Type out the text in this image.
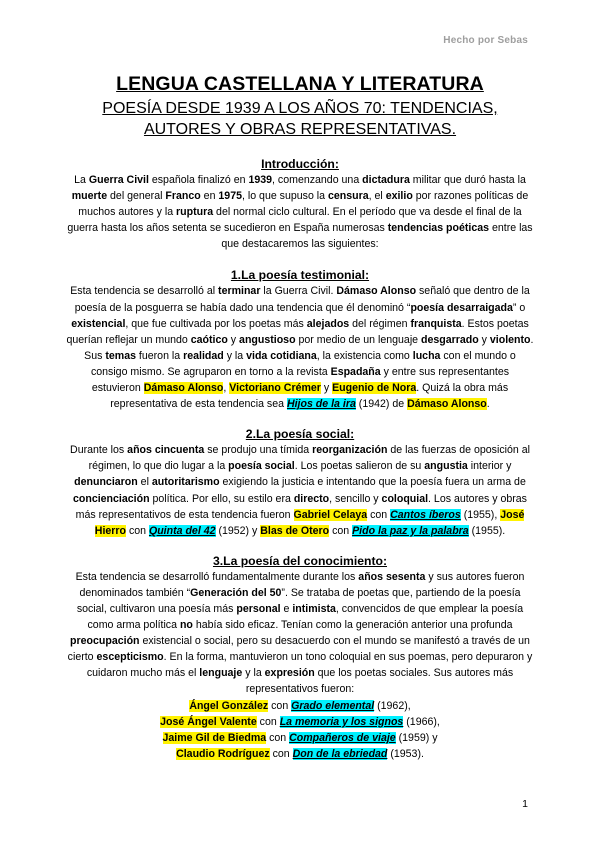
Hecho por Sebas
LENGUA CASTELLANA Y LITERATURA
POESÍA DESDE 1939 A LOS AÑOS 70: TENDENCIAS,
AUTORES Y OBRAS REPRESENTATIVAS.
Introducción:

La Guerra Civil española finalizó en 1939, comenzando una dictadura militar que duró hasta la muerte del general Franco en 1975, lo que supuso la censura, el exilio por razones políticas de muchos autores y la ruptura del normal ciclo cultural. En el período que va desde el final de la guerra hasta los años setenta se sucedieron en España numerosas tendencias poéticas entre las que destacaremos las siguientes:

1.La poesía testimonial:

Esta tendencia se desarrolló al terminar la Guerra Civil. Dámaso Alonso señaló que dentro de la poesía de la posguerra se había dado una tendencia que él denominó “poesía desarraigada” o existencial, que fue cultivada por los poetas más alejados del régimen franquista. Estos poetas querían reflejar un mundo caótico y angustioso por medio de un lenguaje desgarrado y violento.

Sus temas fueron la realidad y la vida cotidiana, la existencia como lucha con el mundo o consigo mismo. Se agruparon en torno a la revista Espadaña y entre sus representantes estuvieron Dámaso Alonso, Victoriano Crémer y Eugenio de Nora. Quizá la obra más representativa de esta tendencia sea Hijos de la ira (1942) de Dámaso Alonso.

2.La poesía social:

Durante los años cincuenta se produjo una tímida reorganización de las fuerzas de oposición al régimen, lo que dio lugar a la poesía social. Los poetas salieron de su angustia interior y denunciaron el autoritarismo exigiendo la justicia e intentando que la poesía fuera un arma de concienciación política. Por ello, su estilo era directo, sencillo y coloquial. Los autores y obras más representativos de esta tendencia fueron Gabriel Celaya con Cantos íberos (1955), José Hierro con Quinta del 42 (1952) y Blas de Otero con Pido la paz y la palabra (1955).

3.La poesía del conocimiento:

Esta tendencia se desarrolló fundamentalmente durante los años sesenta y sus autores fueron denominados también “Generación del 50”. Se trataba de poetas que, partiendo de la poesía social, cultivaron una poesía más personal e intimista, convencidos de que emplear la poesía como arma política no había sido eficaz. Tenían como la generación anterior una profunda preocupación existencial o social, pero su desacuerdo con el mundo se manifestó a través de un cierto escepticismo. En la forma, mantuvieron un tono coloquial en sus poemas, pero depuraron y cuidaron mucho más el lenguaje y la expresión que los poetas sociales. Sus autores más representativos fueron:

Ángel González con Grado elemental (1962),

José Ángel Valente con La memoria y los signos (1966),

Jaime Gil de Biedma con Compañeros de viaje (1959) y

Claudio Rodríguez con Don de la ebriedad (1953).

1
